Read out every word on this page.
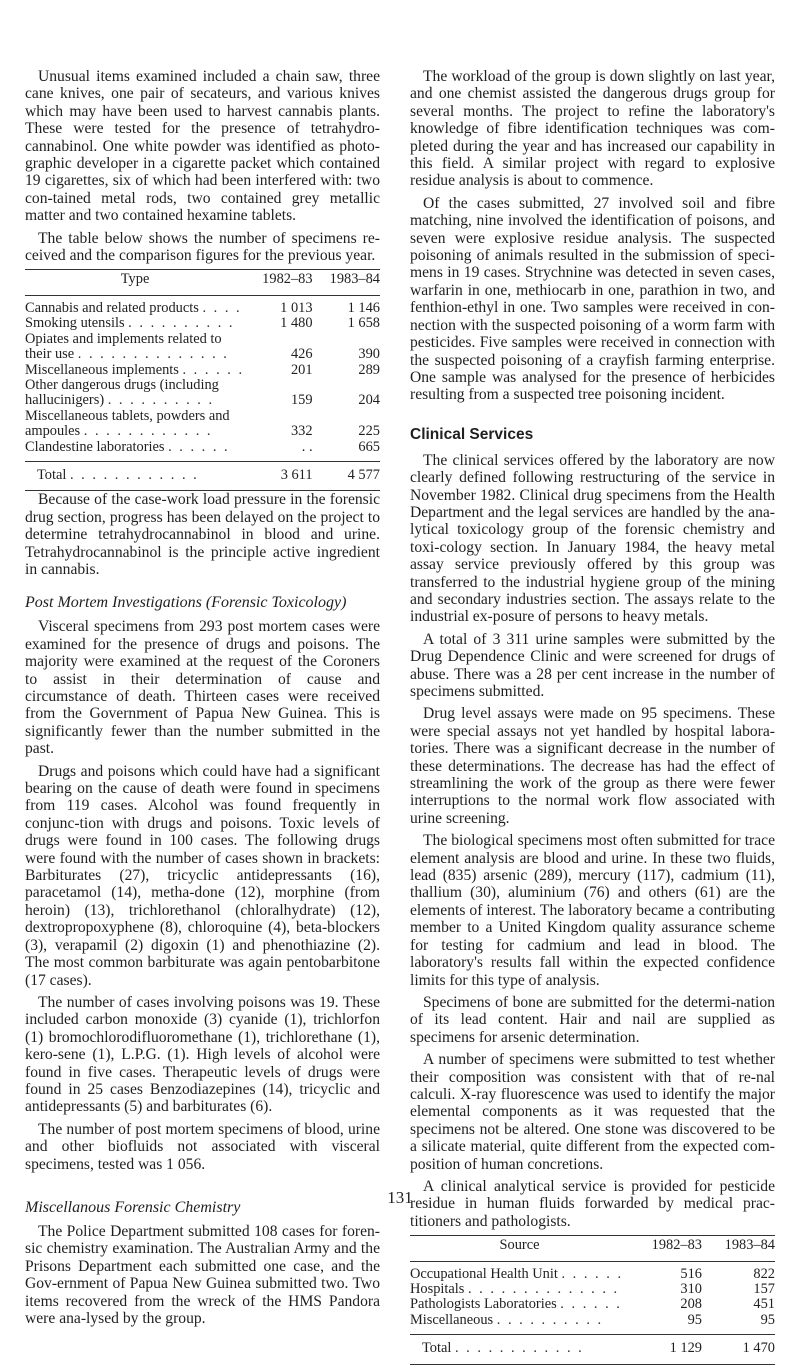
Unusual items examined included a chain saw, three cane knives, one pair of secateurs, and various knives which may have been used to harvest cannabis plants. These were tested for the presence of tetrahydro-cannabinol. One white powder was identified as photo-graphic developer in a cigarette packet which contained 19 cigarettes, six of which had been interfered with: two con-tained metal rods, two contained grey metallic matter and two contained hexamine tablets.

The table below shows the number of specimens re-ceived and the comparison figures for the previous year.

Type	1982–83	1983–84
Cannabis and related products . . . .	1 013	1 146
Smoking utensils . . . . . . . . . .	1 480	1 658
Opiates and implements related to their use . . . . . . . . . . . . . .	426	390
Miscellaneous implements . . . . . .	201	289
Other dangerous drugs (including hallucinigers) . . . . . . . . . .	159	204
Miscellaneous tablets, powders and ampoules . . . . . . . . . . . .	332	225
Clandestine laboratories . . . . . .	. .	665
Total . . . . . . . . . . . .	3 611	4 577

Because of the case-work load pressure in the forensic drug section, progress has been delayed on the project to determine tetrahydrocannabinol in blood and urine. Tetrahydrocannabinol is the principle active ingredient in cannabis.

Post Mortem Investigations (Forensic Toxicology)

Visceral specimens from 293 post mortem cases were examined for the presence of drugs and poisons. The majority were examined at the request of the Coroners to assist in their determination of cause and circumstance of death. Thirteen cases were received from the Government of Papua New Guinea. This is significantly fewer than the number submitted in the past.

Drugs and poisons which could have had a significant bearing on the cause of death were found in specimens from 119 cases. Alcohol was found frequently in conjunc-tion with drugs and poisons. Toxic levels of drugs were found in 100 cases. The following drugs were found with the number of cases shown in brackets: Barbiturates (27), tricyclic antidepressants (16), paracetamol (14), metha-done (12), morphine (from heroin) (13), trichlorethanol (chloralhydrate) (12), dextropropoxyphene (8), chloroquine (4), beta-blockers (3), verapamil (2) digoxin (1) and phenothiazine (2). The most common barbiturate was again pentobarbitone (17 cases).

The number of cases involving poisons was 19. These included carbon monoxide (3) cyanide (1), trichlorfon (1) bromochlorodifluoromethane (1), trichlorethane (1), kero-sene (1), L.P.G. (1). High levels of alcohol were found in five cases. Therapeutic levels of drugs were found in 25 cases Benzodiazepines (14), tricyclic and antidepressants (5) and barbiturates (6).

The number of post mortem specimens of blood, urine and other biofluids not associated with visceral specimens, tested was 1 056.

Miscellanous Forensic Chemistry

The Police Department submitted 108 cases for foren-sic chemistry examination. The Australian Army and the Prisons Department each submitted one case, and the Gov-ernment of Papua New Guinea submitted two. Two items recovered from the wreck of the HMS Pandora were ana-lysed by the group.

The workload of the group is down slightly on last year, and one chemist assisted the dangerous drugs group for several months. The project to refine the laboratory's knowledge of fibre identification techniques was com-pleted during the year and has increased our capability in this field. A similar project with regard to explosive residue analysis is about to commence.

Of the cases submitted, 27 involved soil and fibre matching, nine involved the identification of poisons, and seven were explosive residue analysis. The suspected poisoning of animals resulted in the submission of speci-mens in 19 cases. Strychnine was detected in seven cases, warfarin in one, methiocarb in one, parathion in two, and fenthion-ethyl in one. Two samples were received in con-nection with the suspected poisoning of a worm farm with pesticides. Five samples were received in connection with the suspected poisoning of a crayfish farming enterprise. One sample was analysed for the presence of herbicides resulting from a suspected tree poisoning incident.

Clinical Services

The clinical services offered by the laboratory are now clearly defined following restructuring of the service in November 1982. Clinical drug specimens from the Health Department and the legal services are handled by the ana-lytical toxicology group of the forensic chemistry and toxi-cology section. In January 1984, the heavy metal assay service previously offered by this group was transferred to the industrial hygiene group of the mining and secondary industries section. The assays relate to the industrial ex-posure of persons to heavy metals.

A total of 3 311 urine samples were submitted by the Drug Dependence Clinic and were screened for drugs of abuse. There was a 28 per cent increase in the number of specimens submitted.

Drug level assays were made on 95 specimens. These were special assays not yet handled by hospital labora-tories. There was a significant decrease in the number of these determinations. The decrease has had the effect of streamlining the work of the group as there were fewer interruptions to the normal work flow associated with urine screening.

The biological specimens most often submitted for trace element analysis are blood and urine. In these two fluids, lead (835) arsenic (289), mercury (117), cadmium (11), thallium (30), aluminium (76) and others (61) are the elements of interest. The laboratory became a contributing member to a United Kingdom quality assurance scheme for testing for cadmium and lead in blood. The laboratory's results fall within the expected confidence limits for this type of analysis.

Specimens of bone are submitted for the determi-nation of its lead content. Hair and nail are supplied as specimens for arsenic determination.

A number of specimens were submitted to test whether their composition was consistent with that of re-nal calculi. X-ray fluorescence was used to identify the major elemental components as it was requested that the specimens not be altered. One stone was discovered to be a silicate material, quite different from the expected com-position of human concretions.

A clinical analytical service is provided for pesticide residue in human fluids forwarded by medical prac-titioners and pathologists.

Source	1982–83	1983–84
Occupational Health Unit . . . . . .	516	822
Hospitals . . . . . . . . . . . . . .	310	157
Pathologists Laboratories . . . . . .	208	451
Miscellaneous . . . . . . . . . .	95	95
Total . . . . . . . . . . . .	1 129	1 470
131
